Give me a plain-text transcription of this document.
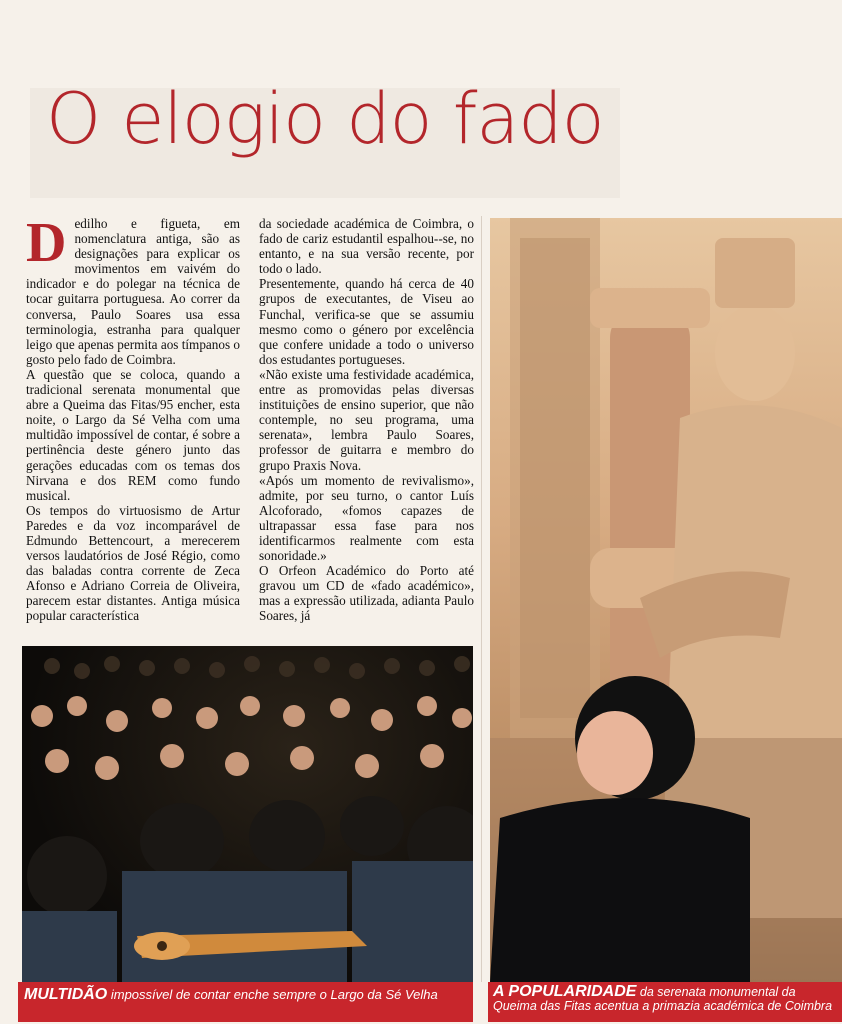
O elogio do fado
D edilho e figueta, em nomenclatura antiga, são as designações para explicar os movimentos em vaivém do indicador e do polegar na técnica de tocar guitarra portuguesa. Ao correr da conversa, Paulo Soares usa essa terminologia, estranha para qualquer leigo que apenas permita aos tímpanos o gosto pelo fado de Coimbra.

A questão que se coloca, quando a tradicional serenata monumental que abre a Queima das Fitas/95 encher, esta noite, o Largo da Sé Velha com uma multidão impossível de contar, é sobre a pertinência deste género junto das gerações educadas com os temas dos Nirvana e dos REM como fundo musical.

Os tempos do virtuosismo de Artur Paredes e da voz incomparável de Edmundo Bettencourt, a merecerem versos laudatórios de José Régio, como das baladas contra corrente de Zeca Afonso e Adriano Correia de Oliveira, parecem estar distantes. Antiga música popular característica

da sociedade académica de Coimbra, o fado de cariz estudantil espalhou--se, no entanto, e na sua versão recente, por todo o lado.

Presentemente, quando há cerca de 40 grupos de executantes, de Viseu ao Funchal, verifica-se que se assumiu mesmo como o género por excelência que confere unidade a todo o universo dos estudantes portugueses.

«Não existe uma festividade académica, entre as promovidas pelas diversas instituições de ensino superior, que não contemple, no seu programa, uma serenata», lembra Paulo Soares, professor de guitarra e membro do grupo Praxis Nova.

«Após um momento de revivalismo», admite, por seu turno, o cantor Luís Alcoforado, «fomos capazes de ultrapassar essa fase para nos identificarmos realmente com esta sonoridade.»

O Orfeon Académico do Porto até gravou um CD de «fado académico», mas a expressão utilizada, adianta Paulo Soares, já

MULTIDÃO impossível de contar enche sempre o Largo da Sé Velha	A POPULARIDADE da serenata monumental da Queima das Fitas acentua a primazia académica de Coimbra
